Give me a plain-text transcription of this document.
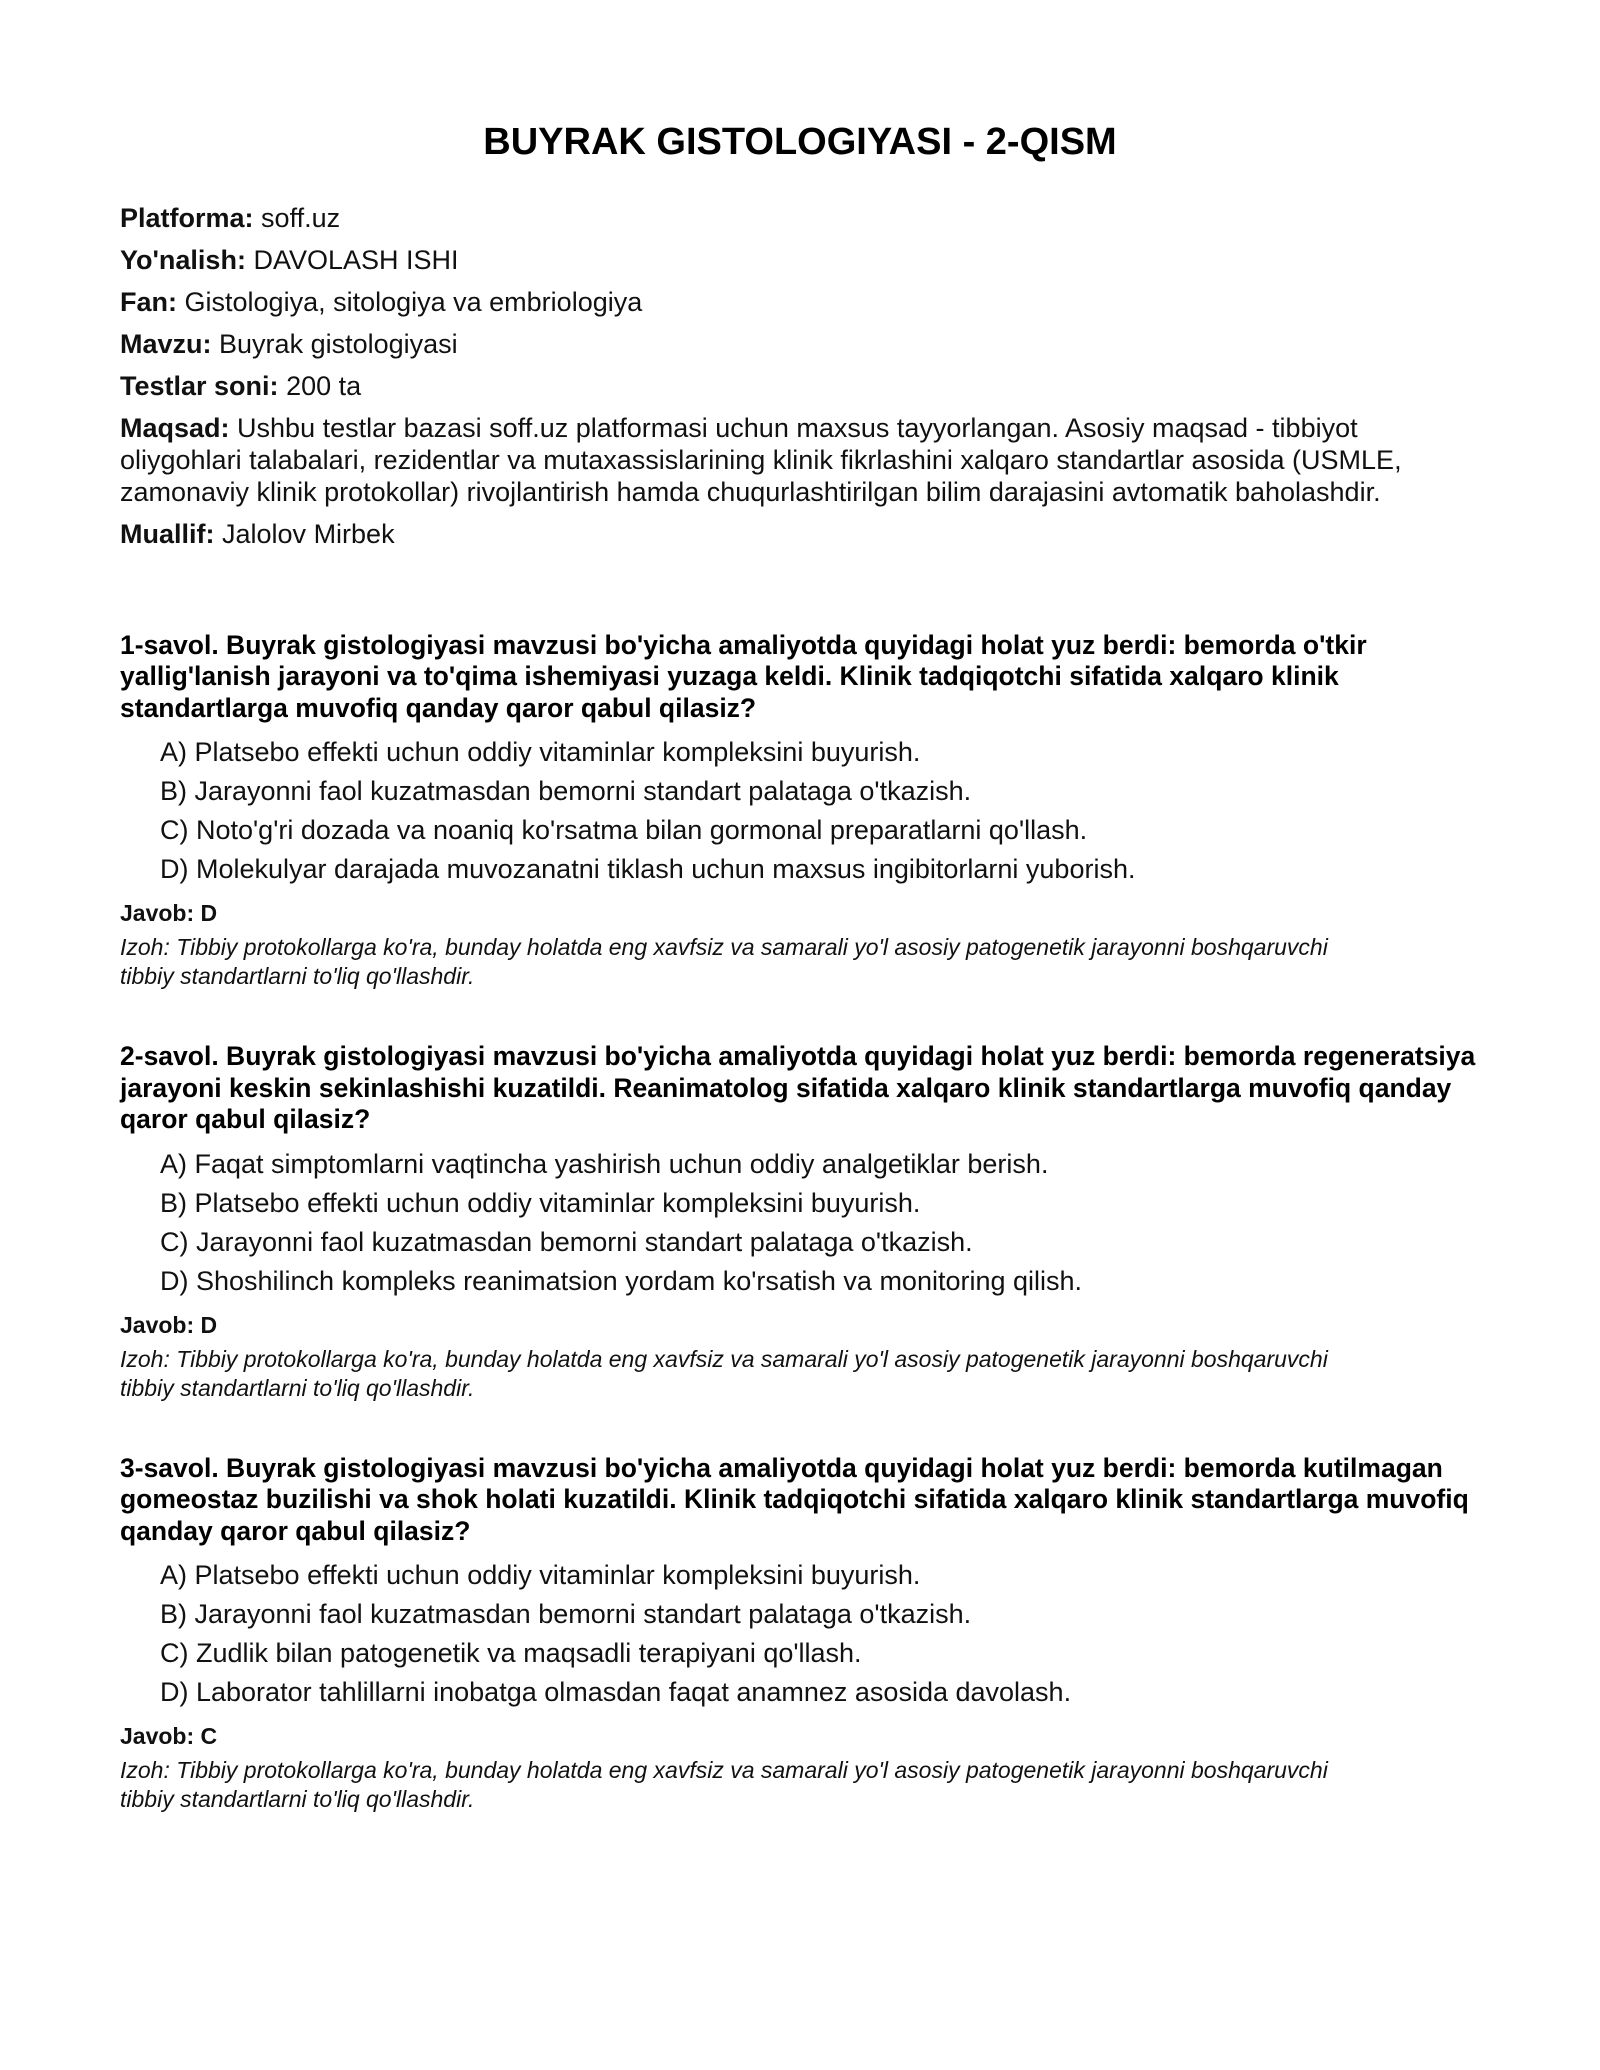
BUYRAK GISTOLOGIYASI - 2-QISM

Platforma: soff.uz

Yo'nalish: DAVOLASH ISHI

Fan: Gistologiya, sitologiya va embriologiya

Mavzu: Buyrak gistologiyasi

Testlar soni: 200 ta

Maqsad: Ushbu testlar bazasi soff.uz platformasi uchun maxsus tayyorlangan. Asosiy maqsad - tibbiyot oliygohlari talabalari, rezidentlar va mutaxassislarining klinik fikrlashini xalqaro standartlar asosida (USMLE, zamonaviy klinik protokollar) rivojlantirish hamda chuqurlashtirilgan bilim darajasini avtomatik baholashdir.

Muallif: Jalolov Mirbek

1-savol. Buyrak gistologiyasi mavzusi bo'yicha amaliyotda quyidagi holat yuz berdi: bemorda o'tkir yallig'lanish jarayoni va to'qima ishemiyasi yuzaga keldi. Klinik tadqiqotchi sifatida xalqaro klinik standartlarga muvofiq qanday qaror qabul qilasiz?

A) Platsebo effekti uchun oddiy vitaminlar kompleksini buyurish.
B) Jarayonni faol kuzatmasdan bemorni standart palataga o'tkazish.
C) Noto'g'ri dozada va noaniq ko'rsatma bilan gormonal preparatlarni qo'llash.
D) Molekulyar darajada muvozanatni tiklash uchun maxsus ingibitorlarni yuborish.

Javob: D

Izoh: Tibbiy protokollarga ko'ra, bunday holatda eng xavfsiz va samarali yo'l asosiy patogenetik jarayonni boshqaruvchi tibbiy standartlarni to'liq qo'llashdir.

2-savol. Buyrak gistologiyasi mavzusi bo'yicha amaliyotda quyidagi holat yuz berdi: bemorda regeneratsiya jarayoni keskin sekinlashishi kuzatildi. Reanimatolog sifatida xalqaro klinik standartlarga muvofiq qanday qaror qabul qilasiz?

A) Faqat simptomlarni vaqtincha yashirish uchun oddiy analgetiklar berish.
B) Platsebo effekti uchun oddiy vitaminlar kompleksini buyurish.
C) Jarayonni faol kuzatmasdan bemorni standart palataga o'tkazish.
D) Shoshilinch kompleks reanimatsion yordam ko'rsatish va monitoring qilish.

Javob: D

Izoh: Tibbiy protokollarga ko'ra, bunday holatda eng xavfsiz va samarali yo'l asosiy patogenetik jarayonni boshqaruvchi tibbiy standartlarni to'liq qo'llashdir.

3-savol. Buyrak gistologiyasi mavzusi bo'yicha amaliyotda quyidagi holat yuz berdi: bemorda kutilmagan gomeostaz buzilishi va shok holati kuzatildi. Klinik tadqiqotchi sifatida xalqaro klinik standartlarga muvofiq qanday qaror qabul qilasiz?

A) Platsebo effekti uchun oddiy vitaminlar kompleksini buyurish.
B) Jarayonni faol kuzatmasdan bemorni standart palataga o'tkazish.
C) Zudlik bilan patogenetik va maqsadli terapiyani qo'llash.
D) Laborator tahlillarni inobatga olmasdan faqat anamnez asosida davolash.

Javob: C

Izoh: Tibbiy protokollarga ko'ra, bunday holatda eng xavfsiz va samarali yo'l asosiy patogenetik jarayonni boshqaruvchi tibbiy standartlarni to'liq qo'llashdir.
